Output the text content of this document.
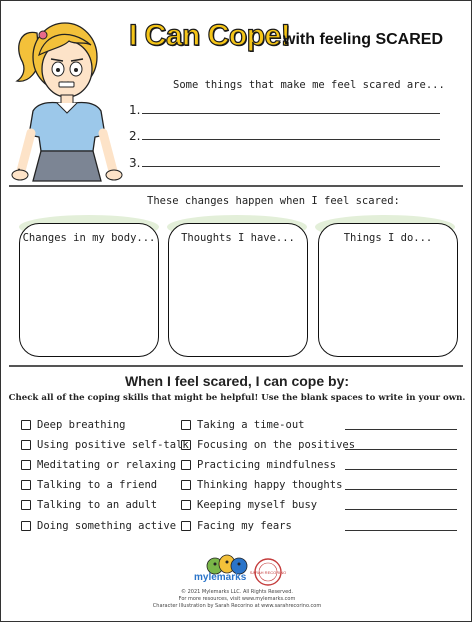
I Can Cope!
with feeling SCARED
Some things that make me feel scared are...
1.
2.
3.
These changes happen when I feel scared:
Changes in my body...	Thoughts I have...	Things I do...
When I feel scared, I can cope by:
Check all of the coping skills that might be helpful! Use the blank spaces to write in your own.
Deep breathing
Using positive self-talk
Meditating or relaxing
Talking to a friend
Talking to an adult
Doing something active
Taking a time-out
Focusing on the positives
Practicing mindfulness
Thinking happy thoughts
Keeping myself busy
Facing my fears
mylemarks SARAH RECORINO
© 2021 Mylemarks LLC. All Rights Reserved.
For more resources, visit www.mylemarks.com
Character Illustration by Sarah Recorino at www.sarahrecorino.com
